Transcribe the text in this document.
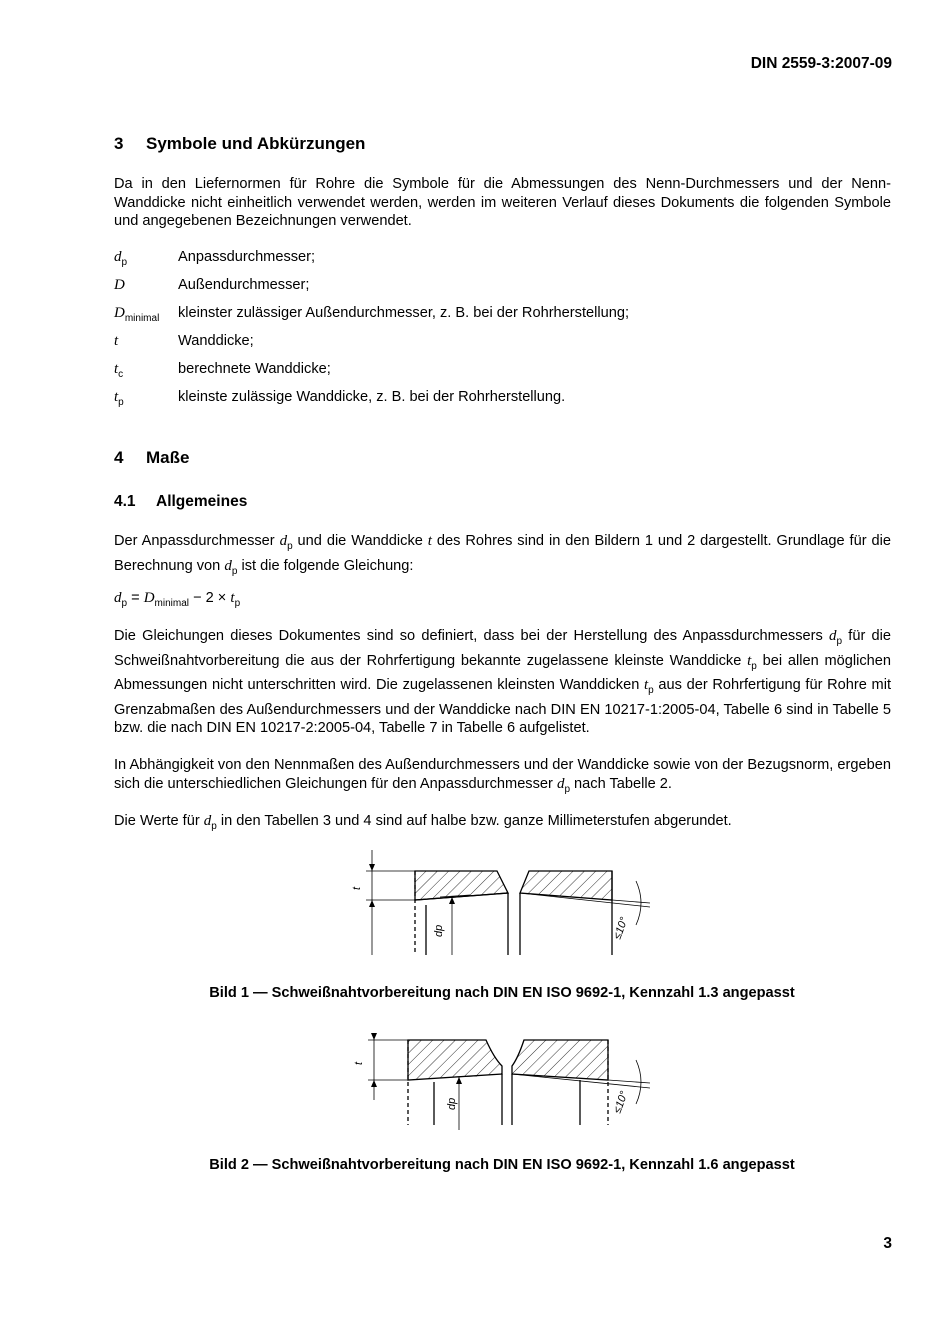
DIN 2559-3:2007-09
3 Symbole und Abkürzungen
Da in den Liefernormen für Rohre die Symbole für die Abmessungen des Nenn-Durchmessers und der Nenn-Wanddicke nicht einheitlich verwendet werden, werden im weiteren Verlauf dieses Dokuments die folgenden Symbole und angegebenen Bezeichnungen verwendet.
$d_p$	Anpassdurchmesser;
D	Außendurchmesser;
$D_{minimal}$ kleinster zulässiger Außendurchmesser, z. B. bei der Rohrherstellung;
t	Wanddicke;
$t_c$	berechnete Wanddicke;
$t_p$	kleinste zulässige Wanddicke, z. B. bei der Rohrherstellung.
4 Maße
4.1 Allgemeines
Der Anpassdurchmesser $d_p$ und die Wanddicke t des Rohres sind in den Bildern 1 und 2 dargestellt. Grundlage für die Berechnung von $d_p$ ist die folgende Gleichung:
$d_p = D_{minimal} - 2 \times t_p$
Die Gleichungen dieses Dokumentes sind so definiert, dass bei der Herstellung des Anpassdurchmessers $d_p$ für die Schweißnahtvorbereitung die aus der Rohrfertigung bekannte zugelassene kleinste Wanddicke $t_p$ bei allen möglichen Abmessungen nicht unterschritten wird. Die zugelassenen kleinsten Wanddicken $t_p$ aus der Rohrfertigung für Rohre mit Grenzabmaßen des Außendurchmessers und der Wanddicke nach DIN EN 10217-1:2005-04, Tabelle 6 sind in Tabelle 5 bzw. die nach DIN EN 10217-2:2005-04, Tabelle 7 in Tabelle 6 aufgelistet.
In Abhängigkeit von den Nennmaßen des Außendurchmessers und der Wanddicke sowie von der Bezugsnorm, ergeben sich die unterschiedlichen Gleichungen für den Anpassdurchmesser $d_p$ nach Tabelle 2.
Die Werte für $d_p$ in den Tabellen 3 und 4 sind auf halbe bzw. ganze Millimeterstufen abgerundet.
t
dp	≤10°
Bild 1 — Schweißnahtvorbereitung nach DIN EN ISO 9692-1, Kennzahl 1.3 angepasst
t
dp	≤10°
Bild 2 — Schweißnahtvorbereitung nach DIN EN ISO 9692-1, Kennzahl 1.6 angepasst
3
